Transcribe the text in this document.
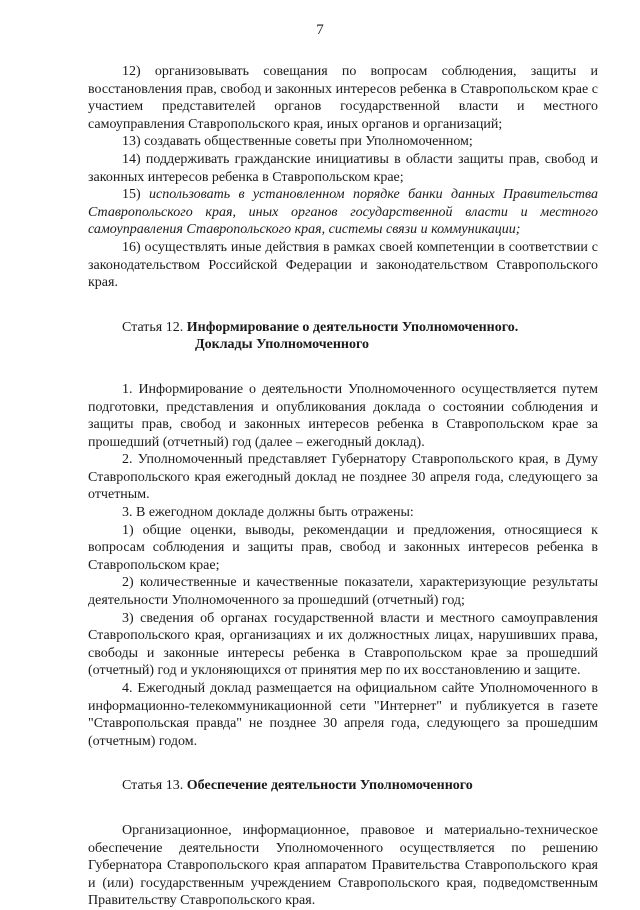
7

12) организовывать совещания по вопросам соблюдения, защиты и восстановления прав, свобод и законных интересов ребенка в Ставропольском крае с участием представителей органов государственной власти и местного самоуправления Ставропольского края, иных органов и организаций;

13) создавать общественные советы при Уполномоченном;

14) поддерживать гражданские инициативы в области защиты прав, свобод и законных интересов ребенка в Ставропольском крае;

15) использовать в установленном порядке банки данных Правительства Ставропольского края, иных органов государственной власти и местного самоуправления Ставропольского края, системы связи и коммуникации;

16) осуществлять иные действия в рамках своей компетенции в соответствии с законодательством Российской Федерации и законодательством Ставропольского края.

Статья 12. Информирование о деятельности Уполномоченного.

Доклады Уполномоченного

1. Информирование о деятельности Уполномоченного осуществляется путем подготовки, представления и опубликования доклада о состоянии соблюдения и защиты прав, свобод и законных интересов ребенка в Ставропольском крае за прошедший (отчетный) год (далее – ежегодный доклад).

2. Уполномоченный представляет Губернатору Ставропольского края, в Думу Ставропольского края ежегодный доклад не позднее 30 апреля года, следующего за отчетным.

3. В ежегодном докладе должны быть отражены:

1) общие оценки, выводы, рекомендации и предложения, относящиеся к вопросам соблюдения и защиты прав, свобод и законных интересов ребенка в Ставропольском крае;

2) количественные и качественные показатели, характеризующие результаты деятельности Уполномоченного за прошедший (отчетный) год;

3) сведения об органах государственной власти и местного самоуправления Ставропольского края, организациях и их должностных лицах, нарушивших права, свободы и законные интересы ребенка в Ставропольском крае за прошедший (отчетный) год и уклоняющихся от принятия мер по их восстановлению и защите.

4. Ежегодный доклад размещается на официальном сайте Уполномоченного в информационно-телекоммуникационной сети "Интернет" и публикуется в газете "Ставропольская правда" не позднее 30 апреля года, следующего за прошедшим (отчетным) годом.

Статья 13. Обеспечение деятельности Уполномоченного

Организационное, информационное, правовое и материально-техническое обеспечение деятельности Уполномоченного осуществляется по решению Губернатора Ставропольского края аппаратом Правительства Ставропольского края и (или) государственным учреждением Ставропольского края, подведомственным Правительству Ставропольского края.
